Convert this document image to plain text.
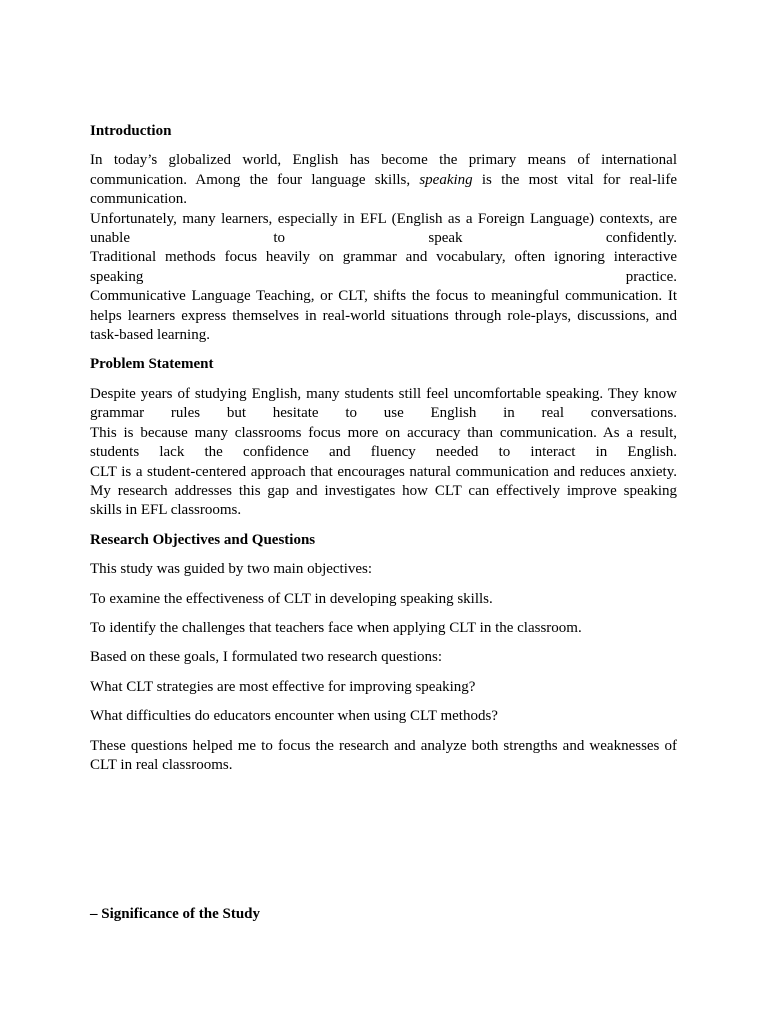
Introduction
In today’s globalized world, English has become the primary means of international communication. Among the four language skills, speaking is the most vital for real-life communication.
Unfortunately, many learners, especially in EFL (English as a Foreign Language) contexts, are
unable to speak confidently.
Traditional methods focus heavily on grammar and vocabulary, often ignoring interactive
speaking practice.
Communicative Language Teaching, or CLT, shifts the focus to meaningful communication. It helps learners express themselves in real-world situations through role-plays, discussions, and task-based learning.
Problem Statement
Despite years of studying English, many students still feel uncomfortable speaking. They know
grammar rules but hesitate to use English in real conversations.
This is because many classrooms focus more on accuracy than communication. As a result,
students lack the confidence and fluency needed to interact in English.
CLT is a student-centered approach that encourages natural communication and reduces anxiety.
My research addresses this gap and investigates how CLT can effectively improve speaking
skills in EFL classrooms.
Research Objectives and Questions
This study was guided by two main objectives:
To examine the effectiveness of CLT in developing speaking skills.
To identify the challenges that teachers face when applying CLT in the classroom.
Based on these goals, I formulated two research questions:
What CLT strategies are most effective for improving speaking?
What difficulties do educators encounter when using CLT methods?
These questions helped me to focus the research and analyze both strengths and weaknesses of CLT in real classrooms.
– Significance of the Study
